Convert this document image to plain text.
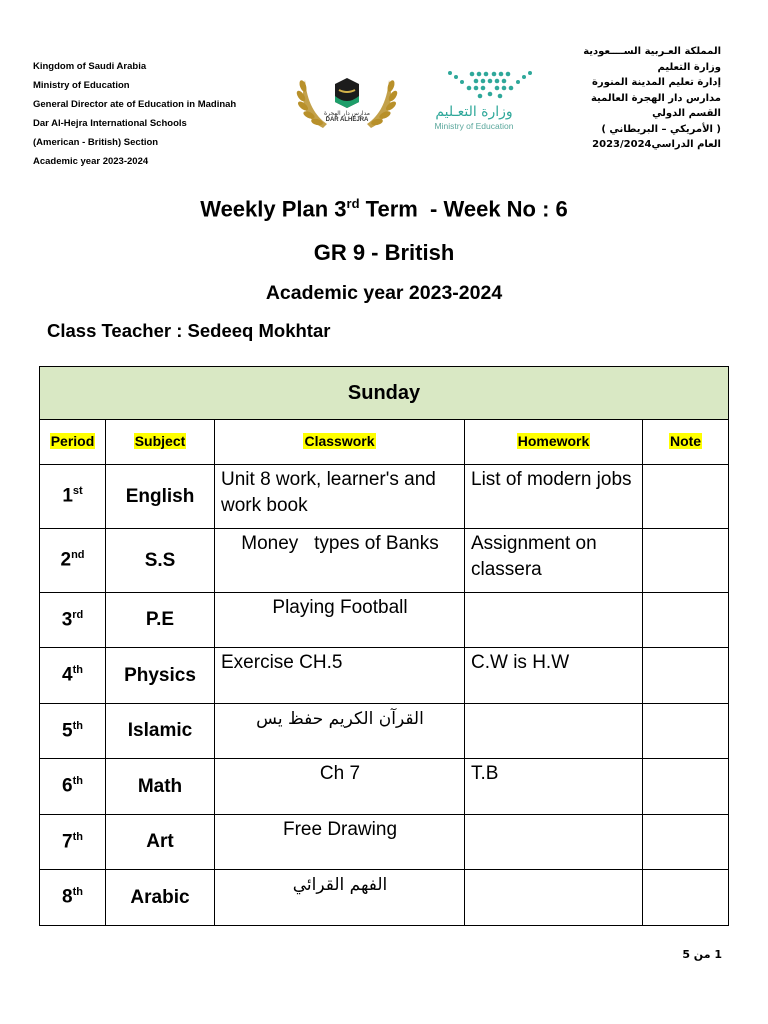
Kingdom of Saudi Arabia
Ministry of Education
General Director ate of Education in Madinah
Dar Al-Hejra International Schools
(American - British) Section
Academic year 2023-2024
مدارس دار الهجرة
DAR ALHEJRA	وزارة التعـليم
Ministry of Education
المملكة العـربية الســــعودية
وزارة التعليم
إدارة تعليم المدينة المنورة
مدارس دار الهجرة العالمية
القسم الدولي
( الأمريكي – البريطاني )
العام الدراسي2023/2024
Weekly Plan 3rd Term  - Week No : 6
GR 9 - British
Academic year 2023-2024
Class Teacher : Sedeeq Mokhtar
Sunday				
Period	Subject	Classwork	Homework	Note
1st	English	Unit 8 work, learner's and work book	List of modern jobs	
2nd	S.S	Money   types of Banks	Assignment on classera	
3rd	P.E	Playing Football		
4th	Physics	Exercise CH.5	C.W is H.W	
5th	Islamic	القرآن الكريم حفظ يس		
6th	Math	Ch 7	T.B	
7th	Art	Free Drawing		
8th	Arabic	الفهم القرائي		
1 من 5
